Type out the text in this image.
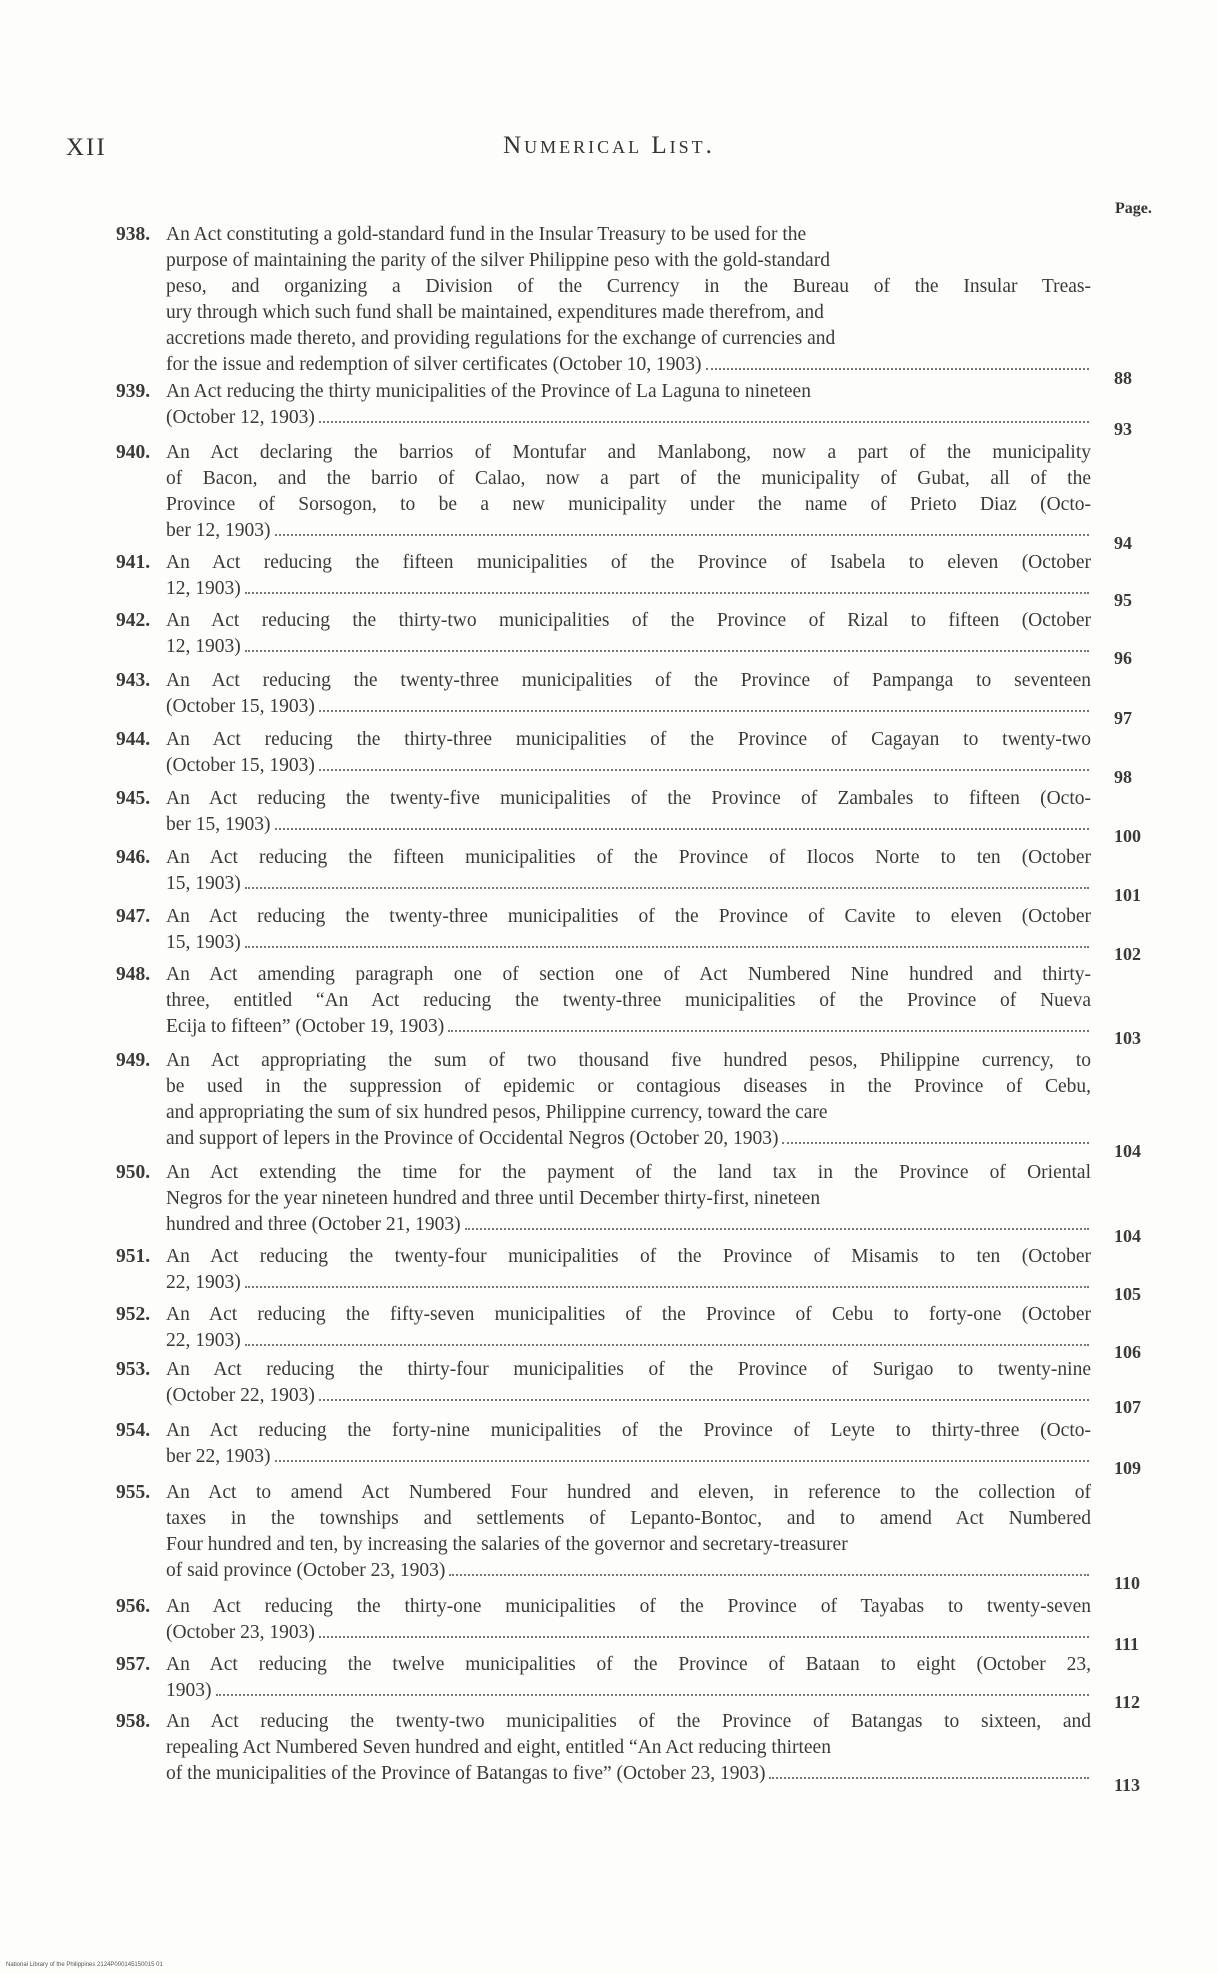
XII	Numerical List.
Page.
938. An Act constituting a gold-standard fund in the Insular Treasury to be used for the
purpose of maintaining the parity of the silver Philippine peso with the gold-standard
peso, and organizing a Division of the Currency in the Bureau of the Insular Treas-
ury through which such fund shall be maintained, expenditures made therefrom, and
accretions made thereto, and providing regulations for the exchange of currencies and
for the issue and redemption of silver certificates (October 10, 1903)
88
939. An Act reducing the thirty municipalities of the Province of La Laguna to nineteen
(October 12, 1903)
93
940. An Act declaring the barrios of Montufar and Manlabong, now a part of the municipality
of Bacon, and the barrio of Calao, now a part of the municipality of Gubat, all of the
Province of Sorsogon, to be a new municipality under the name of Prieto Diaz (Octo-
ber 12, 1903)
94
941. An Act reducing the fifteen municipalities of the Province of Isabela to eleven (October
12, 1903)
95
942. An Act reducing the thirty-two municipalities of the Province of Rizal to fifteen (October
12, 1903)
96
943. An Act reducing the twenty-three municipalities of the Province of Pampanga to seventeen
(October 15, 1903)
97
944. An Act reducing the thirty-three municipalities of the Province of Cagayan to twenty-two
(October 15, 1903)
98
945. An Act reducing the twenty-five municipalities of the Province of Zambales to fifteen (Octo-
ber 15, 1903)
100
946. An Act reducing the fifteen municipalities of the Province of Ilocos Norte to ten (October
15, 1903)
101
947. An Act reducing the twenty-three municipalities of the Province of Cavite to eleven (October
15, 1903)
102
948. An Act amending paragraph one of section one of Act Numbered Nine hundred and thirty-
three, entitled “An Act reducing the twenty-three municipalities of the Province of Nueva
Ecija to fifteen” (October 19, 1903)
103
949. An Act appropriating the sum of two thousand five hundred pesos, Philippine currency, to
be used in the suppression of epidemic or contagious diseases in the Province of Cebu,
and appropriating the sum of six hundred pesos, Philippine currency, toward the care
and support of lepers in the Province of Occidental Negros (October 20, 1903)
104
950. An Act extending the time for the payment of the land tax in the Province of Oriental
Negros for the year nineteen hundred and three until December thirty-first, nineteen
hundred and three (October 21, 1903)
104
951. An Act reducing the twenty-four municipalities of the Province of Misamis to ten (October
22, 1903)
105
952. An Act reducing the fifty-seven municipalities of the Province of Cebu to forty-one (October
22, 1903)
106
953. An Act reducing the thirty-four municipalities of the Province of Surigao to twenty-nine
(October 22, 1903)
107
954. An Act reducing the forty-nine municipalities of the Province of Leyte to thirty-three (Octo-
ber 22, 1903)
109
955. An Act to amend Act Numbered Four hundred and eleven, in reference to the collection of
taxes in the townships and settlements of Lepanto-Bontoc, and to amend Act Numbered
Four hundred and ten, by increasing the salaries of the governor and secretary-treasurer
of said province (October 23, 1903)
110
956. An Act reducing the thirty-one municipalities of the Province of Tayabas to twenty-seven
(October 23, 1903)
111
957. An Act reducing the twelve municipalities of the Province of Bataan to eight (October 23,
1903)
112
958. An Act reducing the twenty-two municipalities of the Province of Batangas to sixteen, and
repealing Act Numbered Seven hundred and eight, entitled “An Act reducing thirteen
of the municipalities of the Province of Batangas to five” (October 23, 1903)
113
National Library of the Philippines 2124P000145150015 01
